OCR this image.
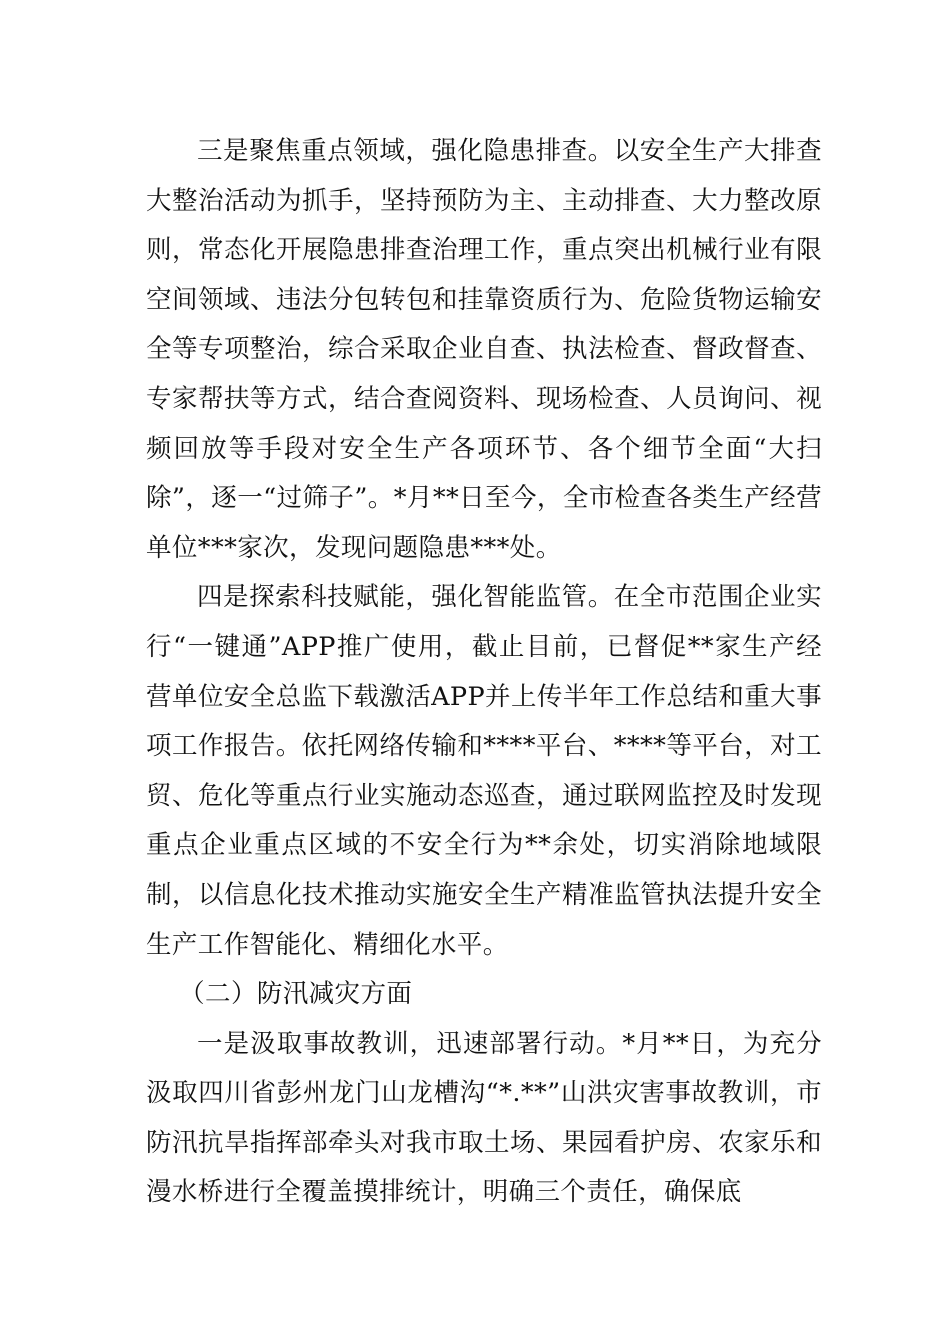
三是聚焦重点领域，强化隐患排查。以安全生产大排查大整治活动为抓手，坚持预防为主、主动排查、大力整改原则，常态化开展隐患排查治理工作，重点突出机械行业有限空间领域、违法分包转包和挂靠资质行为、危险货物运输安全等专项整治，综合采取企业自查、执法检查、督政督查、专家帮扶等方式，结合查阅资料、现场检查、人员询问、视频回放等手段对安全生产各项环节、各个细节全面“大扫除”，逐一“过筛子”。*月**日至今，全市检查各类生产经营单位***家次，发现问题隐患***处。

四是探索科技赋能，强化智能监管。在全市范围企业实行“一键通”APP推广使用，截止目前，已督促**家生产经营单位安全总监下载激活APP并上传半年工作总结和重大事项工作报告。依托网络传输和****平台、****等平台，对工贸、危化等重点行业实施动态巡查，通过联网监控及时发现重点企业重点区域的不安全行为**余处，切实消除地域限制，以信息化技术推动实施安全生产精准监管执法提升安全生产工作智能化、精细化水平。

（二）防汛减灾方面

一是汲取事故教训，迅速部署行动。*月**日，为充分汲取四川省彭州龙门山龙槽沟“*.**”山洪灾害事故教训，市防汛抗旱指挥部牵头对我市取土场、果园看护房、农家乐和漫水桥进行全覆盖摸排统计，明确三个责任，确保底
